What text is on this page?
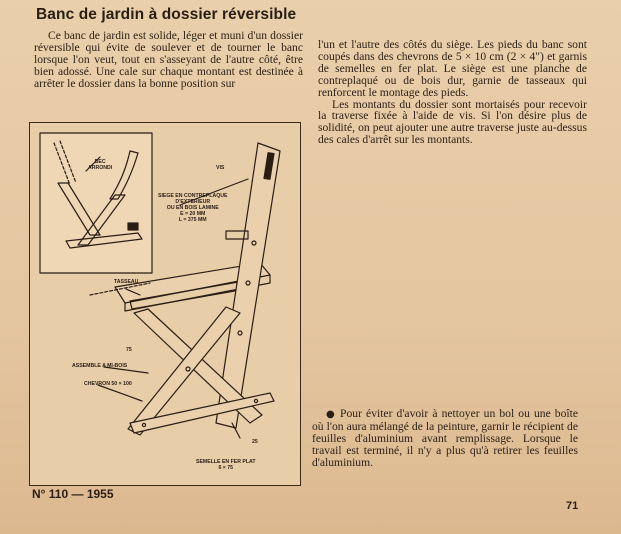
Banc de jardin à dossier réversible

Ce banc de jardin est solide, léger et muni d'un dossier réversible qui évite de soulever et de tourner le banc lorsque l'on veut, tout en s'asseyant de l'autre côté, être bien adossé. Une cale sur chaque montant est destinée à arrêter le dossier dans la bonne position sur

l'un et l'autre des côtés du siège. Les pieds du banc sont coupés dans des chevrons de 5 × 10 cm (2 × 4") et garnis de semelles en fer plat. Le siège est une planche de contreplaqué ou de bois dur, garnie de tasseaux qui renforcent le montage des pieds.

Les montants du dossier sont mortaisés pour recevoir la traverse fixée à l'aide de vis. Si l'on désire plus de solidité, on peut ajouter une autre traverse juste au-dessus des cales d'arrêt sur les montants.

BEC
ARRONDI	VIS
SIEGE EN CONTREPLAQUE
D'EXTERIEUR
OU EN BOIS LAMINE
E = 20 MM
L = 375 MM
TASSEAU
75
ASSEMBLE A MI-BOIS
CHEVRON 50 × 100
25
SEMELLE EN FER PLAT
6 × 75

● Pour éviter d'avoir à nettoyer un bol ou une boîte où l'on aura mélangé de la peinture, garnir le récipient de feuilles d'aluminium avant remplissage. Lorsque le travail est terminé, il n'y a plus qu'à retirer les feuilles d'aluminium.

N° 110 — 1955
71
